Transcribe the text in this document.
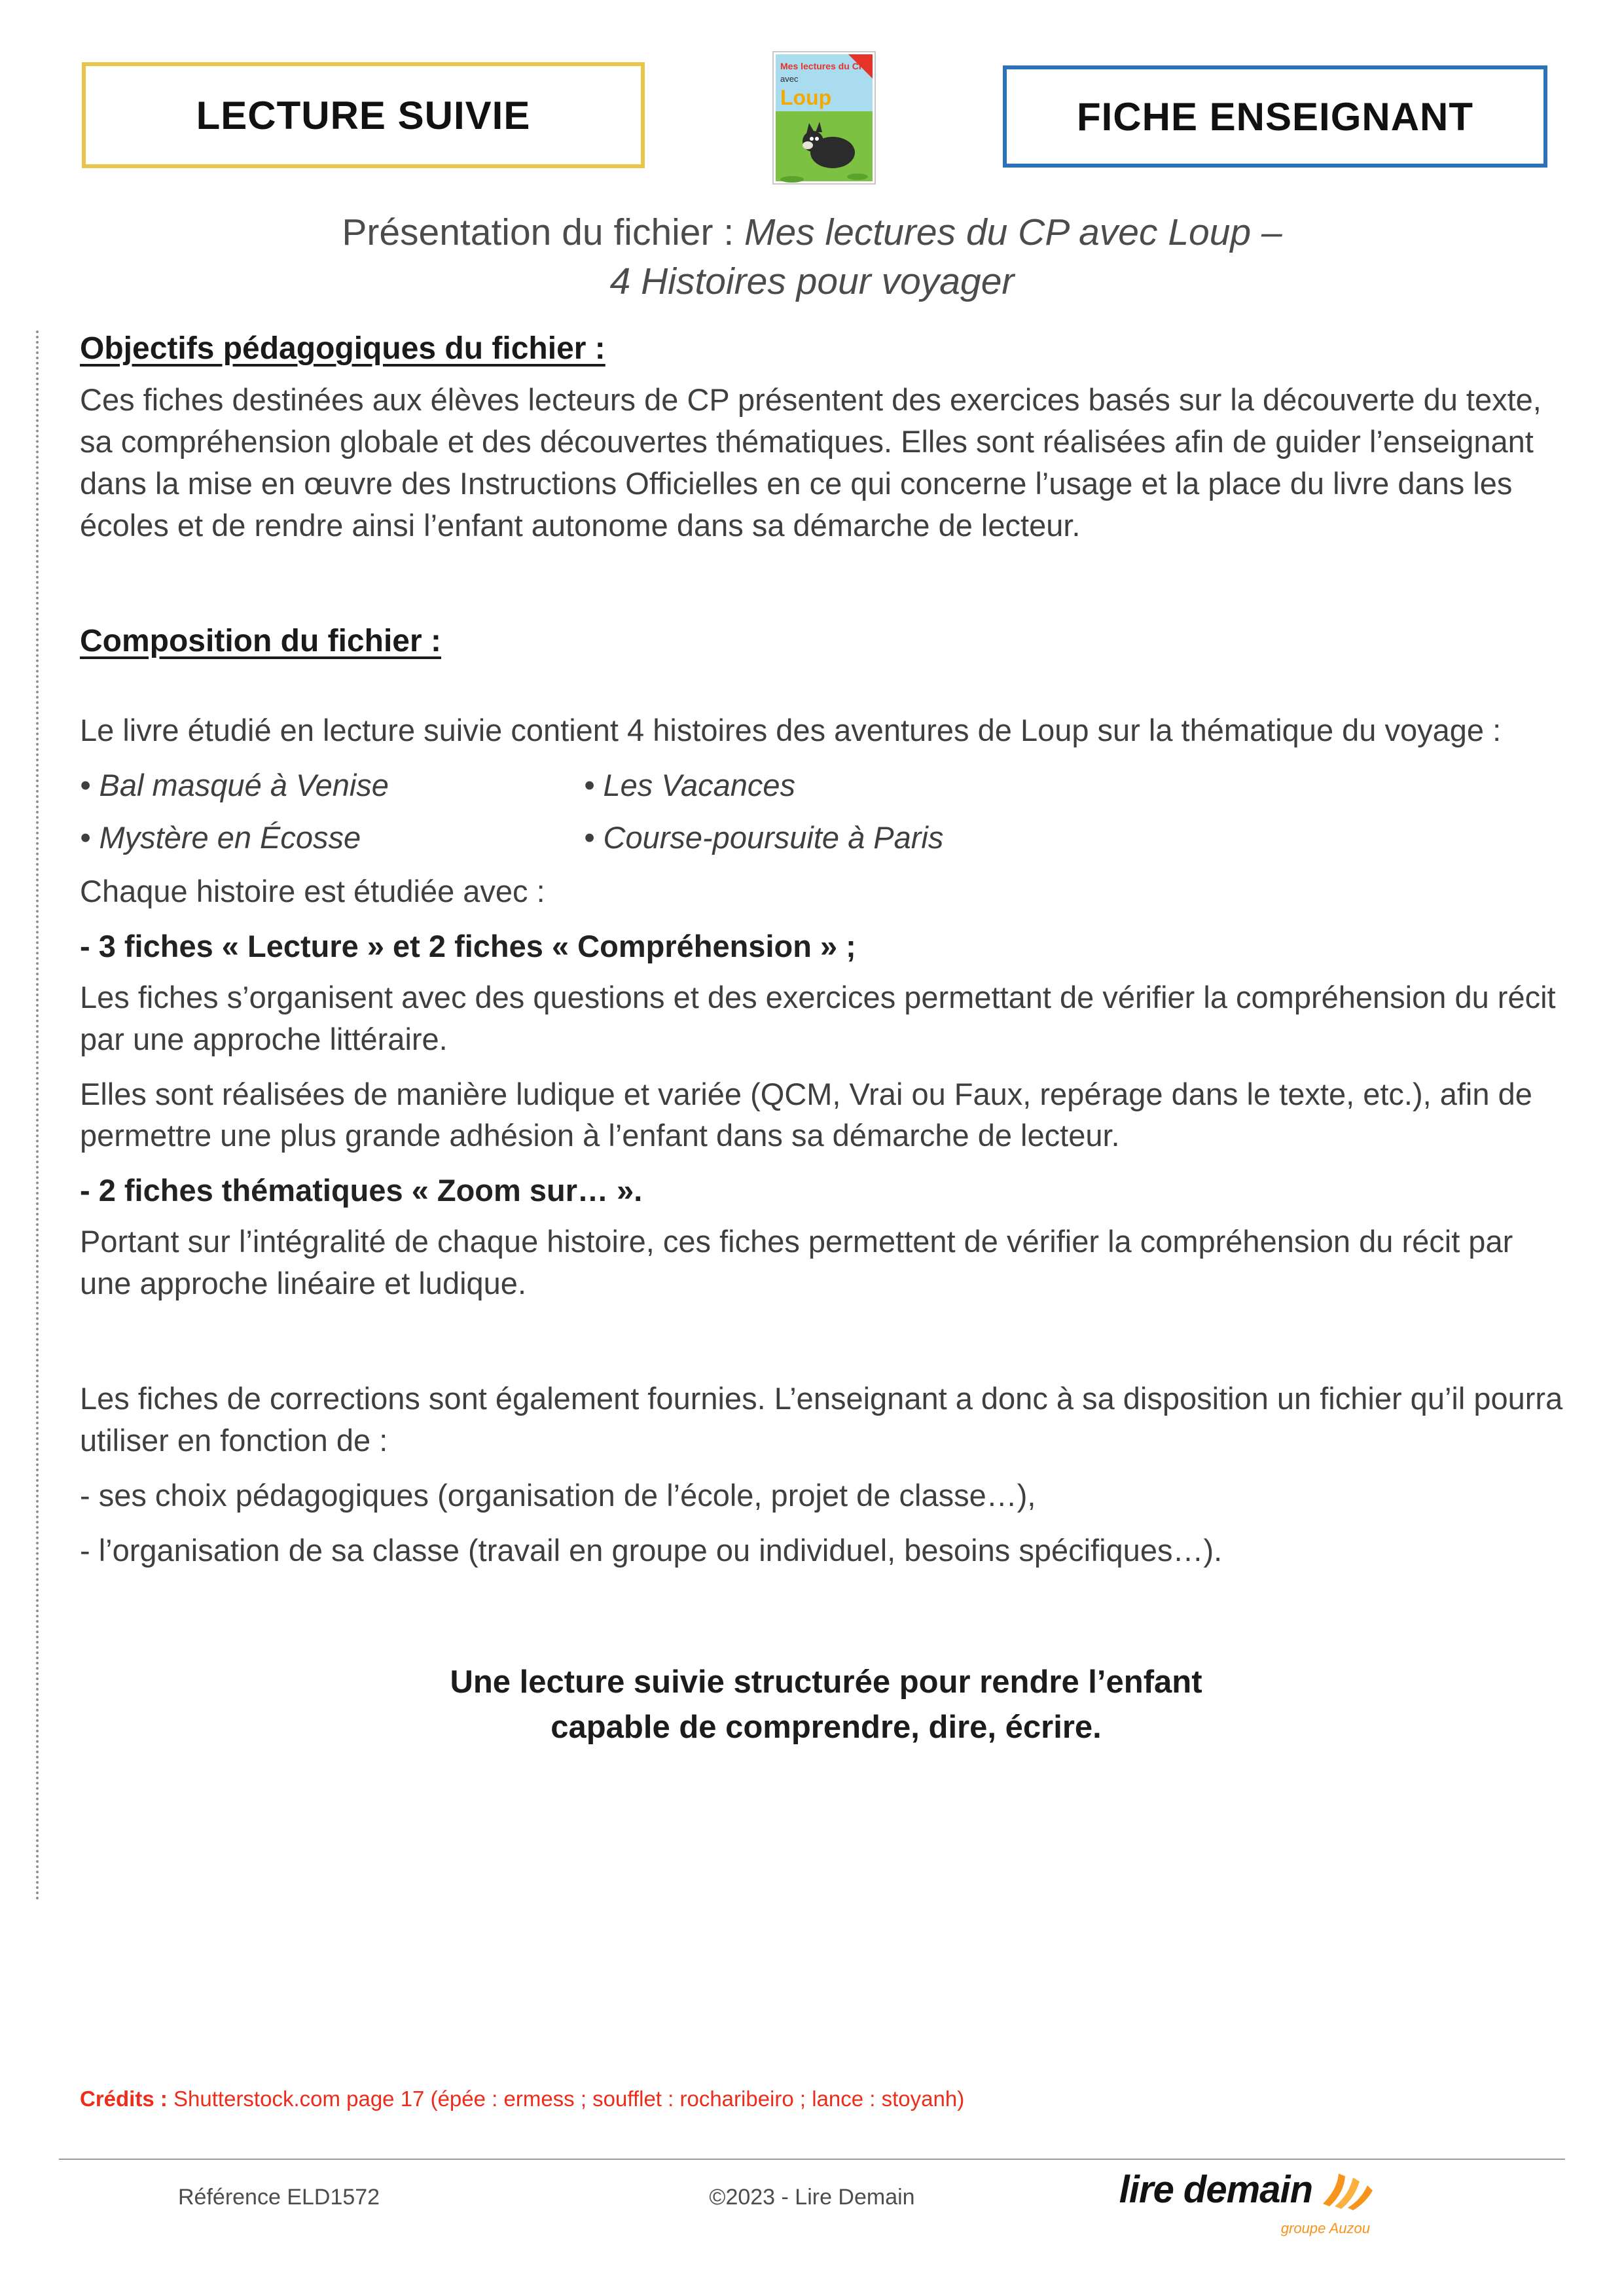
LECTURE SUIVIE
Mes lectures du CP
avec
Loup	FICHE ENSEIGNANT
Présentation du fichier : Mes lectures du CP avec Loup –
4 Histoires pour voyager
Objectifs pédagogiques du fichier :

Ces fiches destinées aux élèves lecteurs de CP présentent des exercices basés sur la découverte du texte, sa compréhension globale et des découvertes thématiques. Elles sont réalisées afin de guider l’enseignant dans la mise en œuvre des Instructions Officielles en ce qui concerne l’usage et la place du livre dans les écoles et de rendre ainsi l’enfant autonome dans sa démarche de lecteur.

Composition du fichier :

Le livre étudié en lecture suivie contient 4 histoires des aventures de Loup sur la thématique du voyage :

• Bal masqué à Venise	• Les Vacances
• Mystère en Écosse	• Course-poursuite à Paris

Chaque histoire est étudiée avec :

- 3 fiches « Lecture » et 2 fiches « Compréhension » ;

Les fiches s’organisent avec des questions et des exercices permettant de vérifier la compréhension du récit par une approche littéraire.

Elles sont réalisées de manière ludique et variée (QCM, Vrai ou Faux, repérage dans le texte, etc.), afin de permettre une plus grande adhésion à l’enfant dans sa démarche de lecteur.

- 2 fiches thématiques « Zoom sur… ».

Portant sur l’intégralité de chaque histoire, ces fiches permettent de vérifier la compréhension du récit par une approche linéaire et ludique.

Les fiches de corrections sont également fournies. L’enseignant a donc à sa disposition un fichier qu’il pourra utiliser en fonction de :

- ses choix pédagogiques (organisation de l’école, projet de classe…),

- l’organisation de sa classe (travail en groupe ou individuel, besoins spécifiques…).

Une lecture suivie structurée pour rendre l’enfant
capable de comprendre, dire, écrire.
Crédits : Shutterstock.com page 17 (épée : ermess ; soufflet : rocharibeiro ; lance : stoyanh)
Référence ELD1572	©2023 - Lire Demain	lire demain
groupe Auzou
